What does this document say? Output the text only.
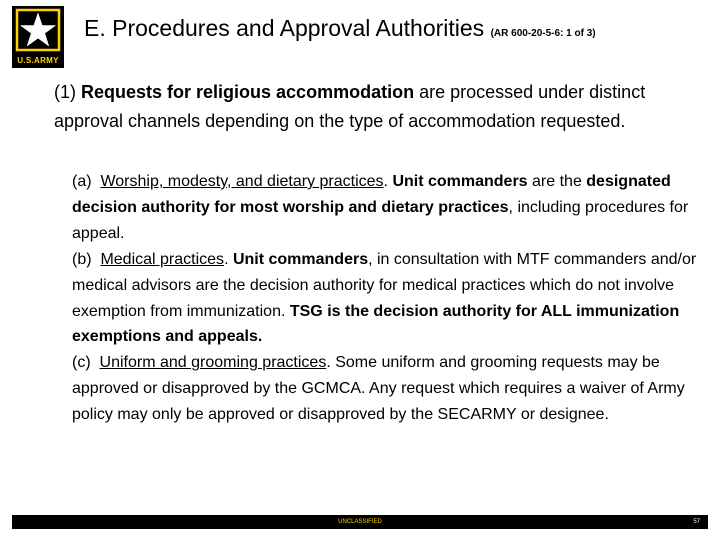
U.S.ARMY
E. Procedures and Approval Authorities (AR 600-20-5-6: 1 of 3)
(1) Requests for religious accommodation are processed under distinct approval channels depending on the type of accommodation requested.

(a) Worship, modesty, and dietary practices. Unit commanders are the designated decision authority for most worship and dietary practices, including procedures for appeal.

(b) Medical practices. Unit commanders, in consultation with MTF commanders and/or medical advisors are the decision authority for medical practices which do not involve exemption from immunization. TSG is the decision authority for ALL immunization exemptions and appeals.

(c) Uniform and grooming practices. Some uniform and grooming requests may be approved or disapproved by the GCMCA. Any request which requires a waiver of Army policy may only be approved or disapproved by the SECARMY or designee.

UNCLASSIFIED	57
